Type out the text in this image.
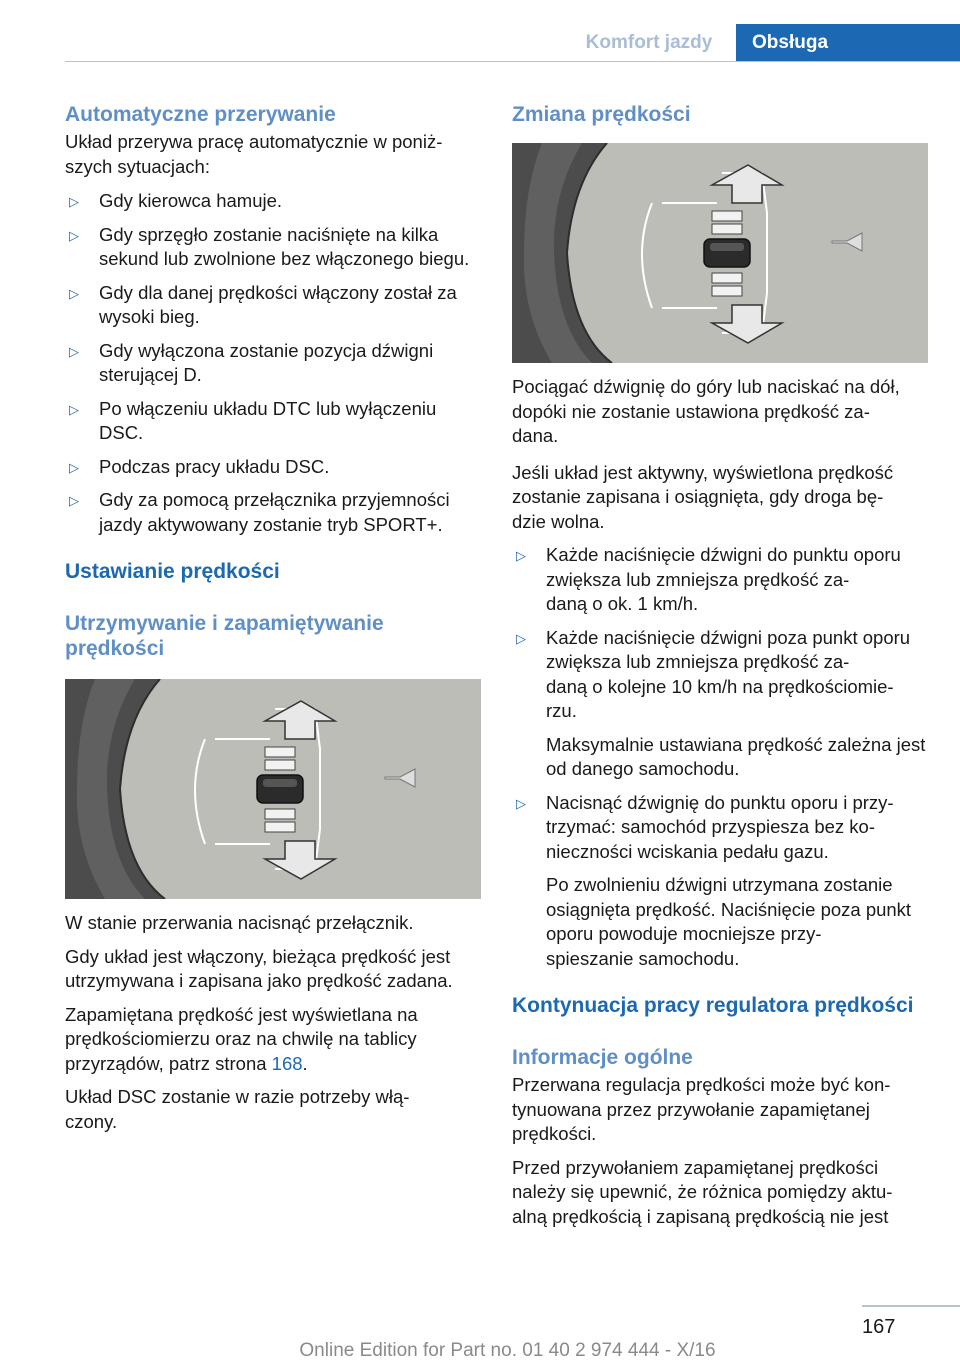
Komfort jazdy	Obsługa
Automatyczne przerywanie

Układ przerywa pracę automatycznie w poniż-
szych sytuacjach:

▷ Gdy kierowca hamuje.
▷ Gdy sprzęgło zostanie naciśnięte na kilka sekund lub zwolnione bez włączonego biegu.
▷ Gdy dla danej prędkości włączony został za wysoki bieg.
▷ Gdy wyłączona zostanie pozycja dźwigni sterującej D.
▷ Po włączeniu układu DTC lub wyłączeniu DSC.
▷ Podczas pracy układu DSC.
▷ Gdy za pomocą przełącznika przyjemności jazdy aktywowany zostanie tryb SPORT+.
Ustawianie prędkości
Utrzymywanie i zapamiętywanie prędkości

W stanie przerwania nacisnąć przełącznik.

Gdy układ jest włączony, bieżąca prędkość jest utrzymywana i zapisana jako prędkość zadana.

Zapamiętana prędkość jest wyświetlana na prędkościomierzu oraz na chwilę na tablicy przyrządów, patrz strona 168.

Układ DSC zostanie w razie potrzeby włą-
czony.

Zmiana prędkości

Pociągać dźwignię do góry lub naciskać na dół, dopóki nie zostanie ustawiona prędkość za-
dana.

Jeśli układ jest aktywny, wyświetlona prędkość zostanie zapisana i osiągnięta, gdy droga bę-
dzie wolna.

▷ Każde naciśnięcie dźwigni do punktu oporu zwiększa lub zmniejsza prędkość za-
daną o ok. 1 km/h.
▷ Każde naciśnięcie dźwigni poza punkt oporu zwiększa lub zmniejsza prędkość za-
daną o kolejne 10 km/h na prędkościomie-
rzu.
Maksymalnie ustawiana prędkość zależna jest od danego samochodu.
▷ Nacisnąć dźwignię do punktu oporu i przy-
trzymać: samochód przyspiesza bez ko-
nieczności wciskania pedału gazu.
Po zwolnieniu dźwigni utrzymana zostanie osiągnięta prędkość. Naciśnięcie poza punkt oporu powoduje mocniejsze przy-
spieszanie samochodu.
Kontynuacja pracy regulatora prędkości
Informacje ogólne

Przerwana regulacja prędkości może być kon-
tynuowana przez przywołanie zapamiętanej prędkości.

Przed przywołaniem zapamiętanej prędkości należy się upewnić, że różnica pomiędzy aktu-
alną prędkością i zapisaną prędkością nie jest

167
Online Edition for Part no. 01 40 2 974 444 - X/16
